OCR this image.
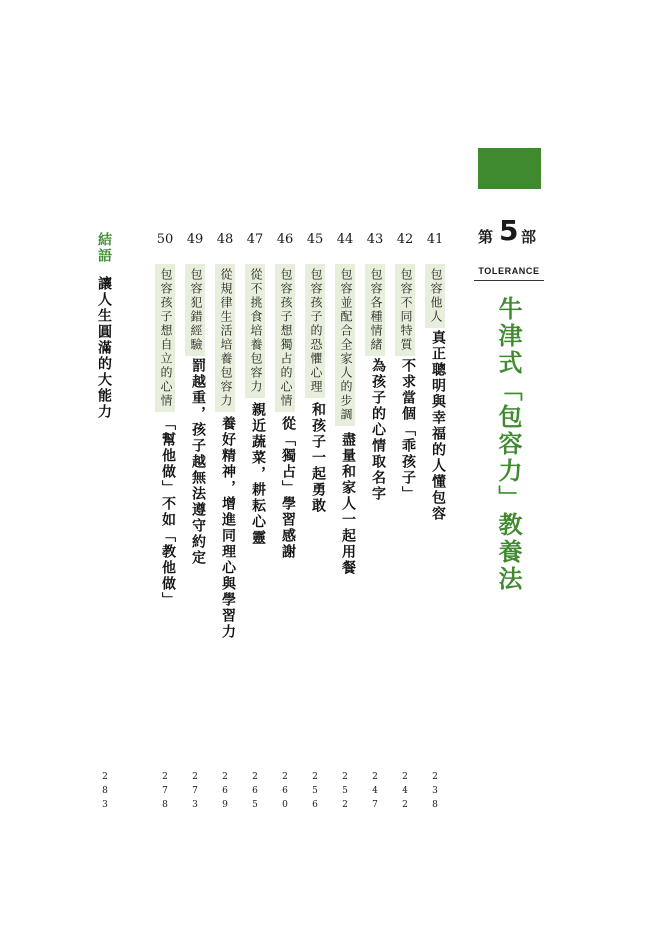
第 5 部
TOLERANCE
牛津式「包容力」教養法
41
包容他人
真正聰明與幸福的人懂包容
2
3
8
42
包容不同特質
不求當個「乖孩子」
2
4
2
43
包容各種情緒
為孩子的心情取名字
2
4
7
44
包容並配合全家人的步調
盡量和家人一起用餐
2
5
2
45
包容孩子的恐懼心理
和孩子一起勇敢
2
5
6
46
包容孩子想獨占的心情
從「獨占」學習感謝
2
6
0
47
從不挑食培養包容力
親近蔬菜，耕耘心靈
2
6
5
48
從規律生活培養包容力
養好精神，增進同理心與學習力
2
6
9
49
包容犯錯經驗
罰越重，孩子越無法遵守約定
2
7
3
50
包容孩子想自立的心情
「幫他做」不如「教他做」
2
7
8
結語
讓人生圓滿的大能力
2
8
3
